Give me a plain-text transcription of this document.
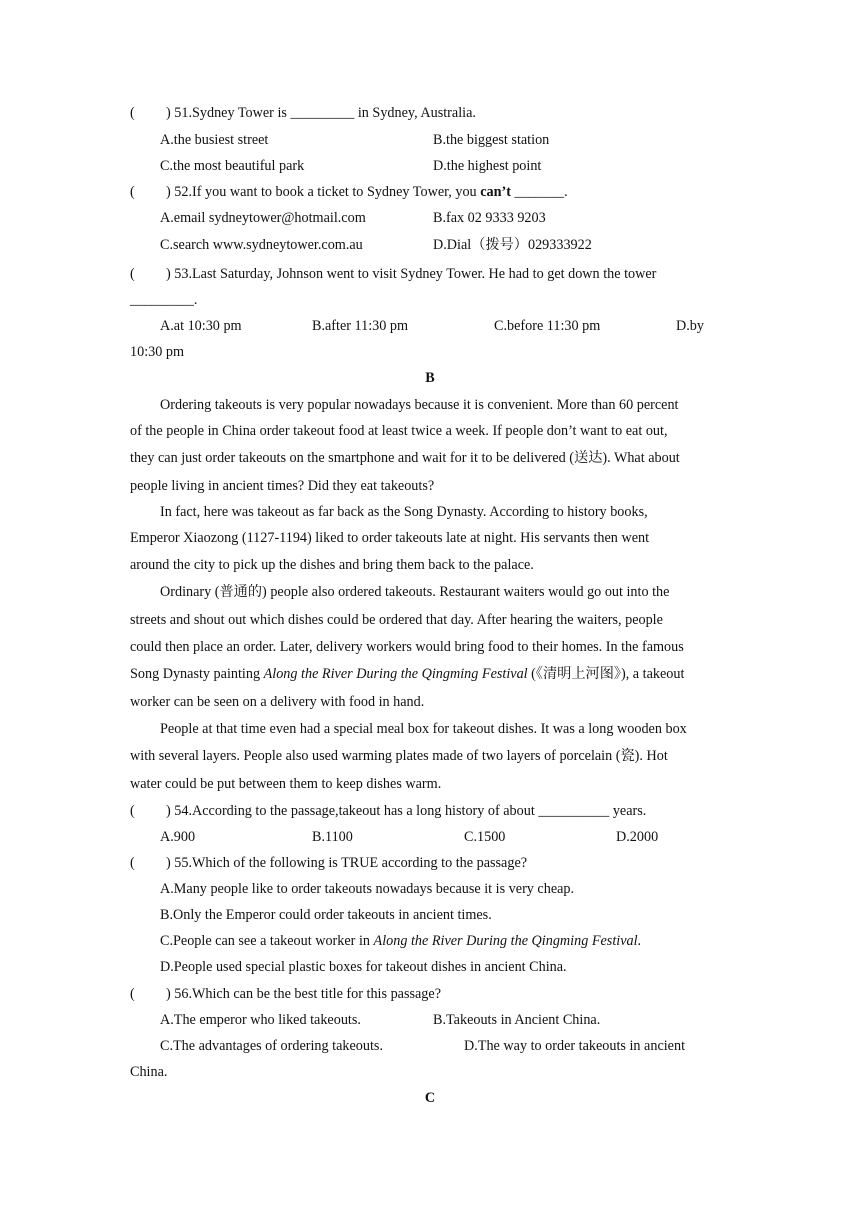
( ) 51.Sydney Tower is _________ in Sydney, Australia.
A.the busiest street	B.the biggest station
C.the most beautiful park	D.the highest point
( ) 52.If you want to book a ticket to Sydney Tower, you can’t _______.
A.email sydneytower@hotmail.com	B.fax 02 9333 9203
C.search www.sydneytower.com.au	D.Dial（拨号）029333922
( ) 53.Last Saturday, Johnson went to visit Sydney Tower. He had to get down the tower
_________.
A.at 10:30 pm	B.after 11:30 pm	C.before 11:30 pm	D.by
10:30 pm
B
Ordering takeouts is very popular nowadays because it is convenient. More than 60 percent
of the people in China order takeout food at least twice a week. If people don’t want to eat out,
they can just order takeouts on the smartphone and wait for it to be delivered (送达). What about
people living in ancient times? Did they eat takeouts?
In fact, here was takeout as far back as the Song Dynasty. According to history books,
Emperor Xiaozong (1127-1194) liked to order takeouts late at night. His servants then went
around the city to pick up the dishes and bring them back to the palace.
Ordinary (普通的) people also ordered takeouts. Restaurant waiters would go out into the
streets and shout out which dishes could be ordered that day. After hearing the waiters, people
could then place an order. Later, delivery workers would bring food to their homes. In the famous
Song Dynasty painting Along the River During the Qingming Festival (《清明上河图》), a takeout
worker can be seen on a delivery with food in hand.
People at that time even had a special meal box for takeout dishes. It was a long wooden box
with several layers. People also used warming plates made of two layers of porcelain (瓷). Hot
water could be put between them to keep dishes warm.
( ) 54.According to the passage,takeout has a long history of about __________ years.
A.900	B.1100	C.1500	D.2000
( ) 55.Which of the following is TRUE according to the passage?
A.Many people like to order takeouts nowadays because it is very cheap.
B.Only the Emperor could order takeouts in ancient times.
C.People can see a takeout worker in Along the River During the Qingming Festival.
D.People used special plastic boxes for takeout dishes in ancient China.
( ) 56.Which can be the best title for this passage?
A.The emperor who liked takeouts.	B.Takeouts in Ancient China.
C.The advantages of ordering takeouts.	D.The way to order takeouts in ancient
China.
C
